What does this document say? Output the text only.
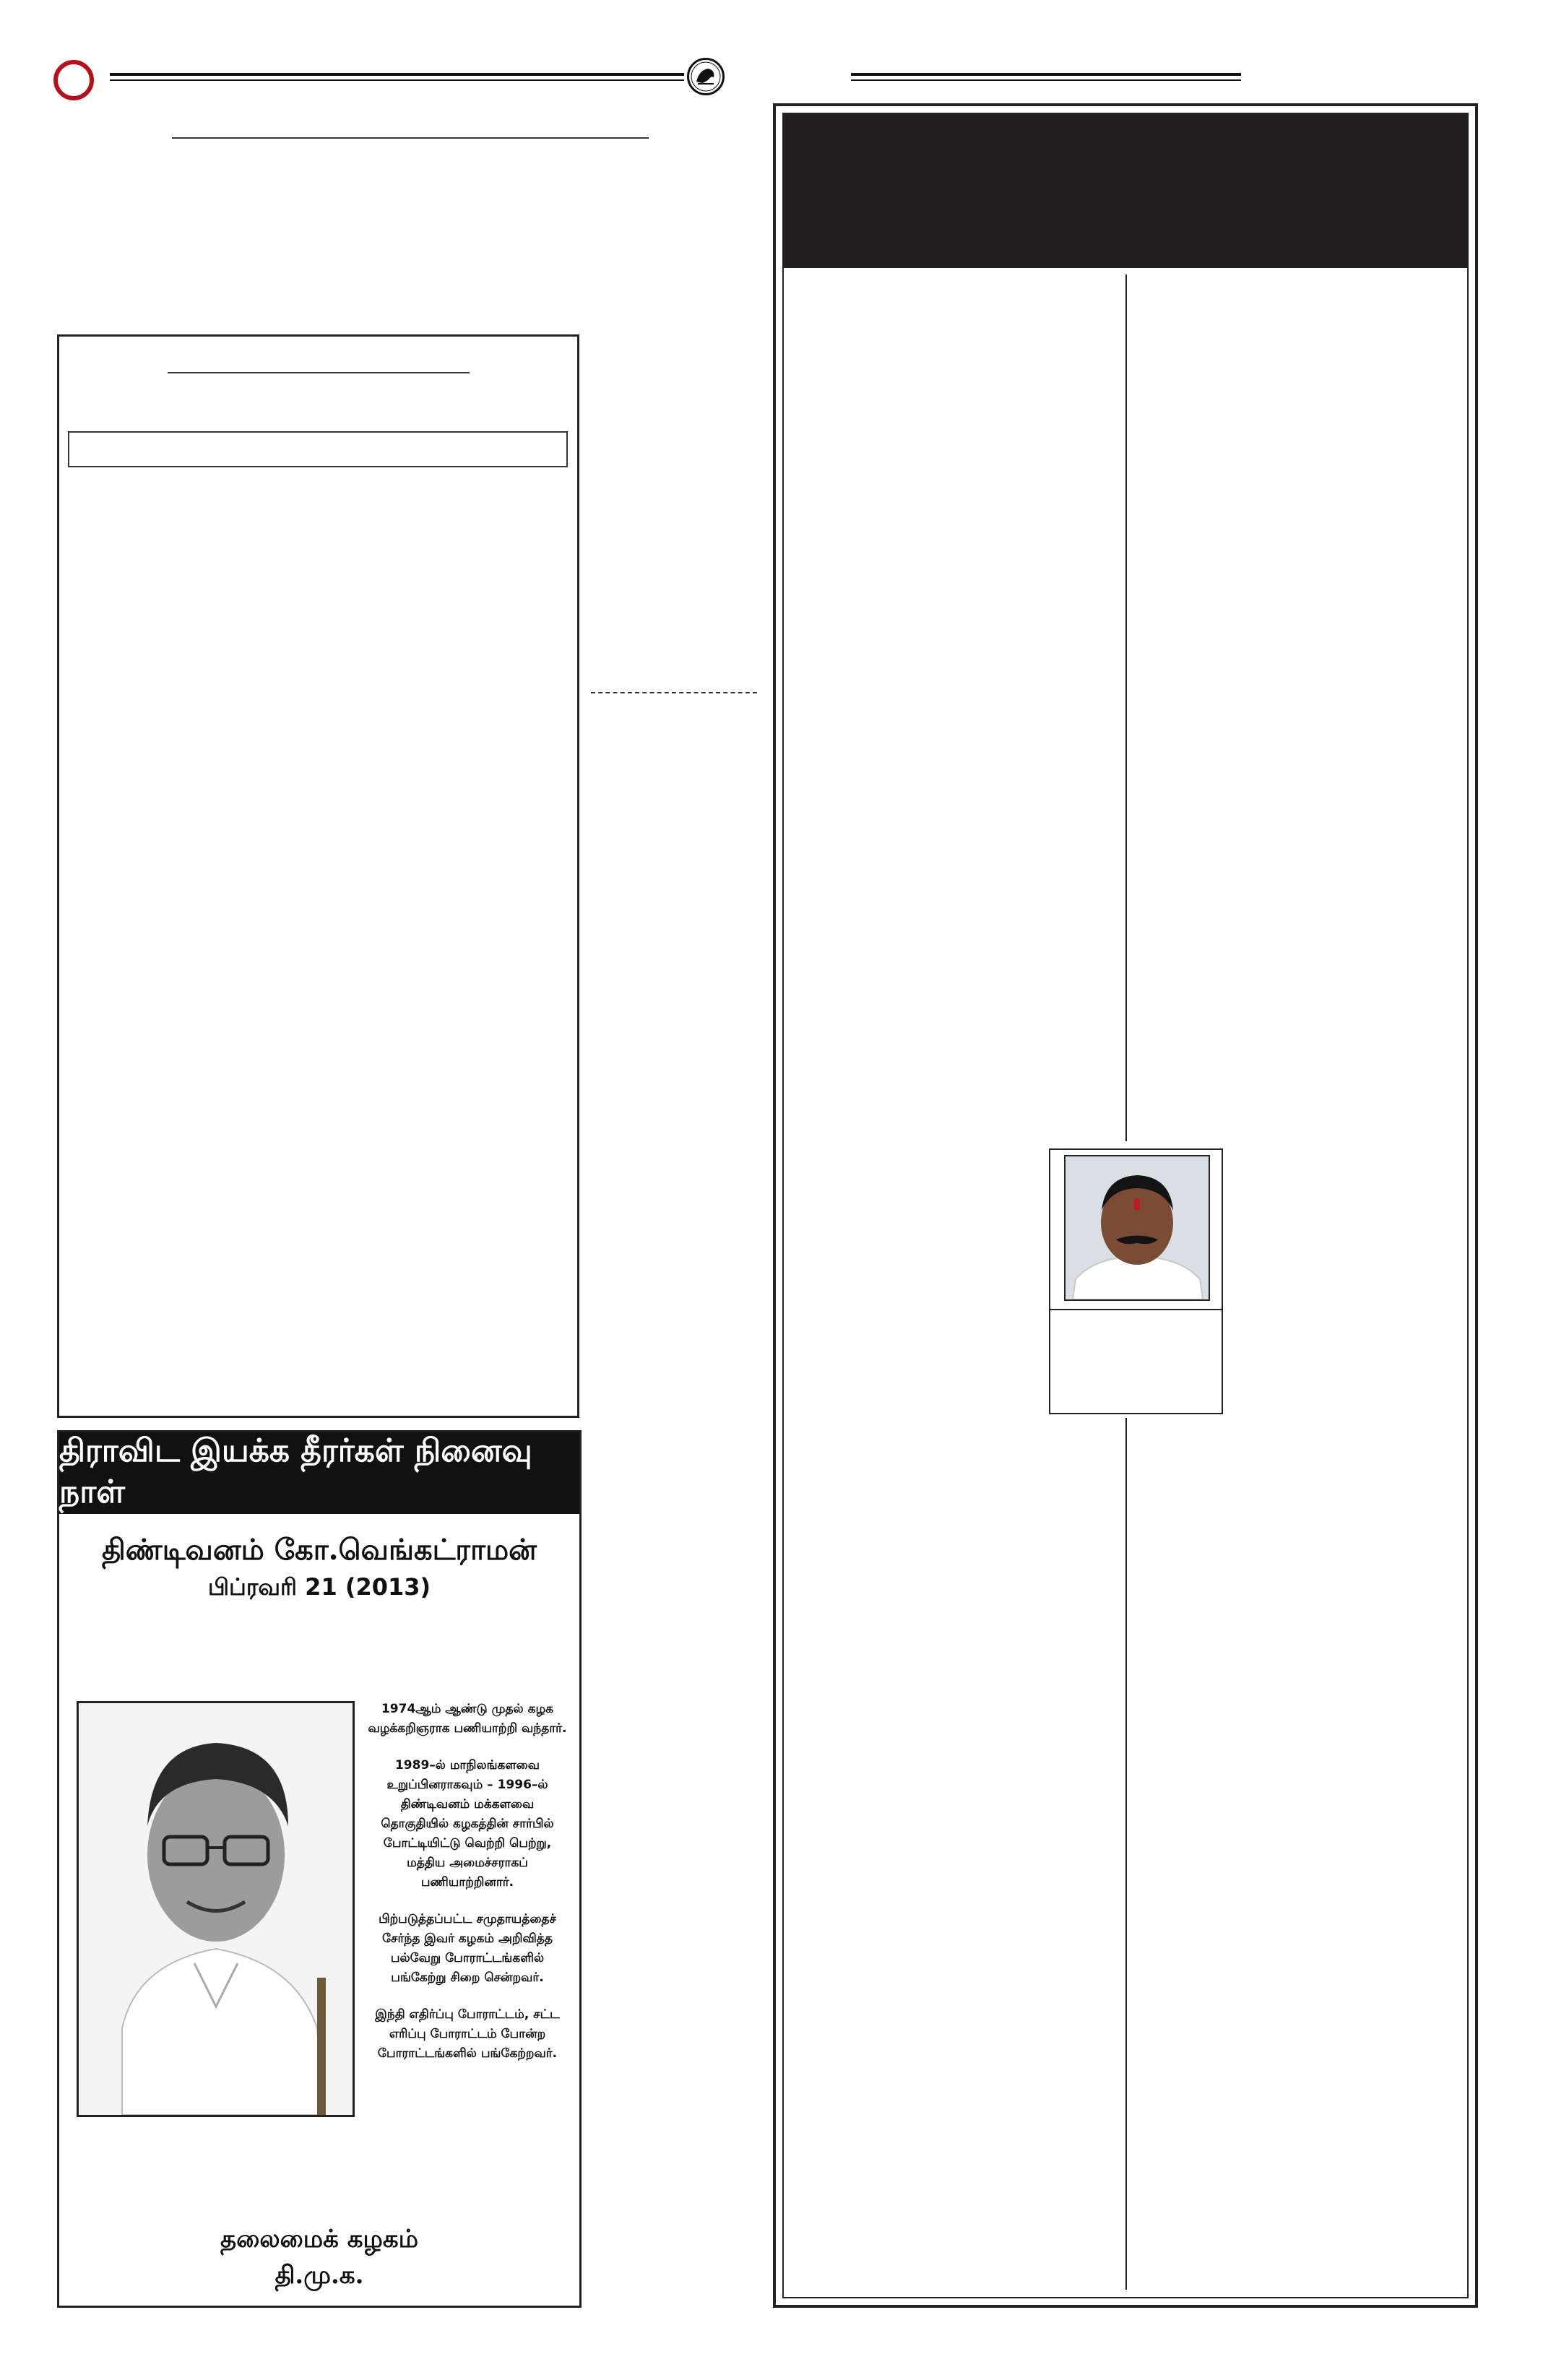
திராவிட இயக்க தீரர்கள் நினைவு நாள்
திண்டிவனம் கோ.வெங்கட்ராமன்
பிப்ரவரி 21 (2013)

1974ஆம் ஆண்டு முதல் கழக வழக்கறிஞராக பணியாற்றி வந்தார்.

1989–ல் மாநிலங்களவை உறுப்பினராகவும் – 1996–ல் திண்டிவனம் மக்களவை தொகுதியில் கழகத்தின் சார்பில் போட்டியிட்டு வெற்றி பெற்று, மத்திய அமைச்சராகப் பணியாற்றினார்.

பிற்படுத்தப்பட்ட சமுதாயத்தைச் சேர்ந்த இவர் கழகம் அறிவித்த பல்வேறு போராட்டங்களில் பங்கேற்று சிறை சென்றவர்.

இந்தி எதிர்ப்பு போராட்டம், சட்ட எரிப்பு போராட்டம் போன்ற போராட்டங்களில் பங்கேற்றவர்.

தலைமைக் கழகம்
தி.மு.க.
